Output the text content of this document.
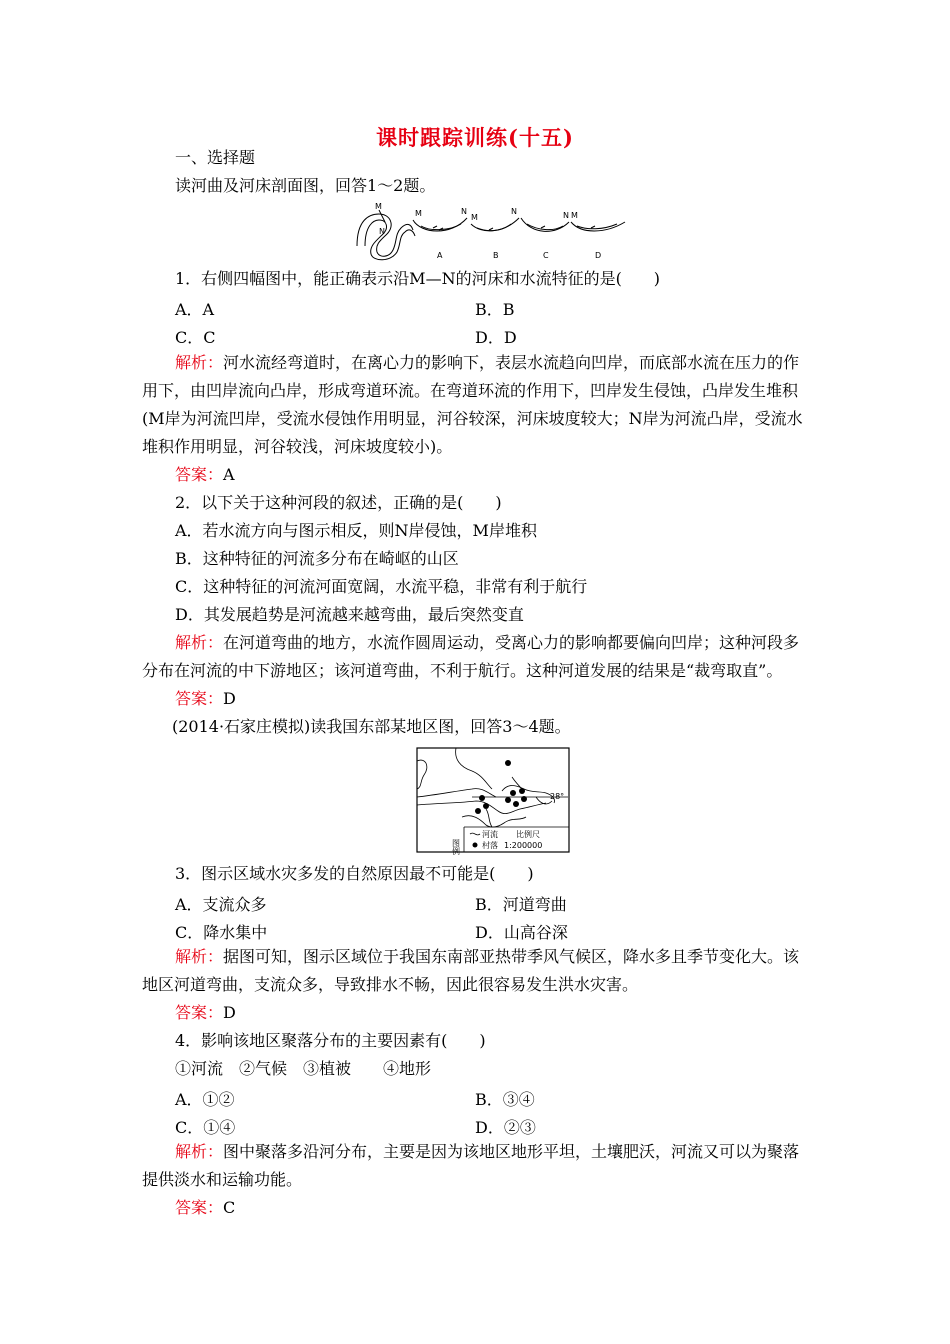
课时跟踪训练(十五)
一、选择题
读河曲及河床剖面图，回答1～2题。
M
N
M	N
M
N	N M
A	B	C	D
1．右侧四幅图中，能正确表示沿M—N的河床和水流特征的是(　　)
A．A	B．B
C．C	D．D
解析：河水流经弯道时，在离心力的影响下，表层水流趋向凹岸，而底部水流在压力的作用下，由凹岸流向凸岸，形成弯道环流。在弯道环流的作用下，凹岸发生侵蚀，凸岸发生堆积(M岸为河流凹岸，受流水侵蚀作用明显，河谷较深，河床坡度较大；N岸为河流凸岸，受流水堆积作用明显，河谷较浅，河床坡度较小)。
答案：A
2．以下关于这种河段的叙述，正确的是(　　)
A．若水流方向与图示相反，则N岸侵蚀，M岸堆积
B．这种特征的河流多分布在崎岖的山区
C．这种特征的河流河面宽阔，水流平稳，非常有利于航行
D．其发展趋势是河流越来越弯曲，最后突然变直
解析：在河道弯曲的地方，水流作圆周运动，受离心力的影响都要偏向凹岸；这种河段多分布在河流的中下游地区；该河道弯曲，不利于航行。这种河道发展的结果是“裁弯取直”。
答案：D
(2014·石家庄模拟)读我国东部某地区图，回答3～4题。
28°
图例
河流
村落
比例尺
1:200000
3．图示区域水灾多发的自然原因最不可能是(　　)
A．支流众多	B．河道弯曲
C．降水集中	D．山高谷深
解析：据图可知，图示区域位于我国东南部亚热带季风气候区，降水多且季节变化大。该地区河道弯曲，支流众多，导致排水不畅，因此很容易发生洪水灾害。
答案：D
4．影响该地区聚落分布的主要因素有(　　)
①河流　②气候　③植被　　④地形
A．①②	B．③④
C．①④	D．②③
解析：图中聚落多沿河分布，主要是因为该地区地形平坦，土壤肥沃，河流又可以为聚落提供淡水和运输功能。
答案：C
